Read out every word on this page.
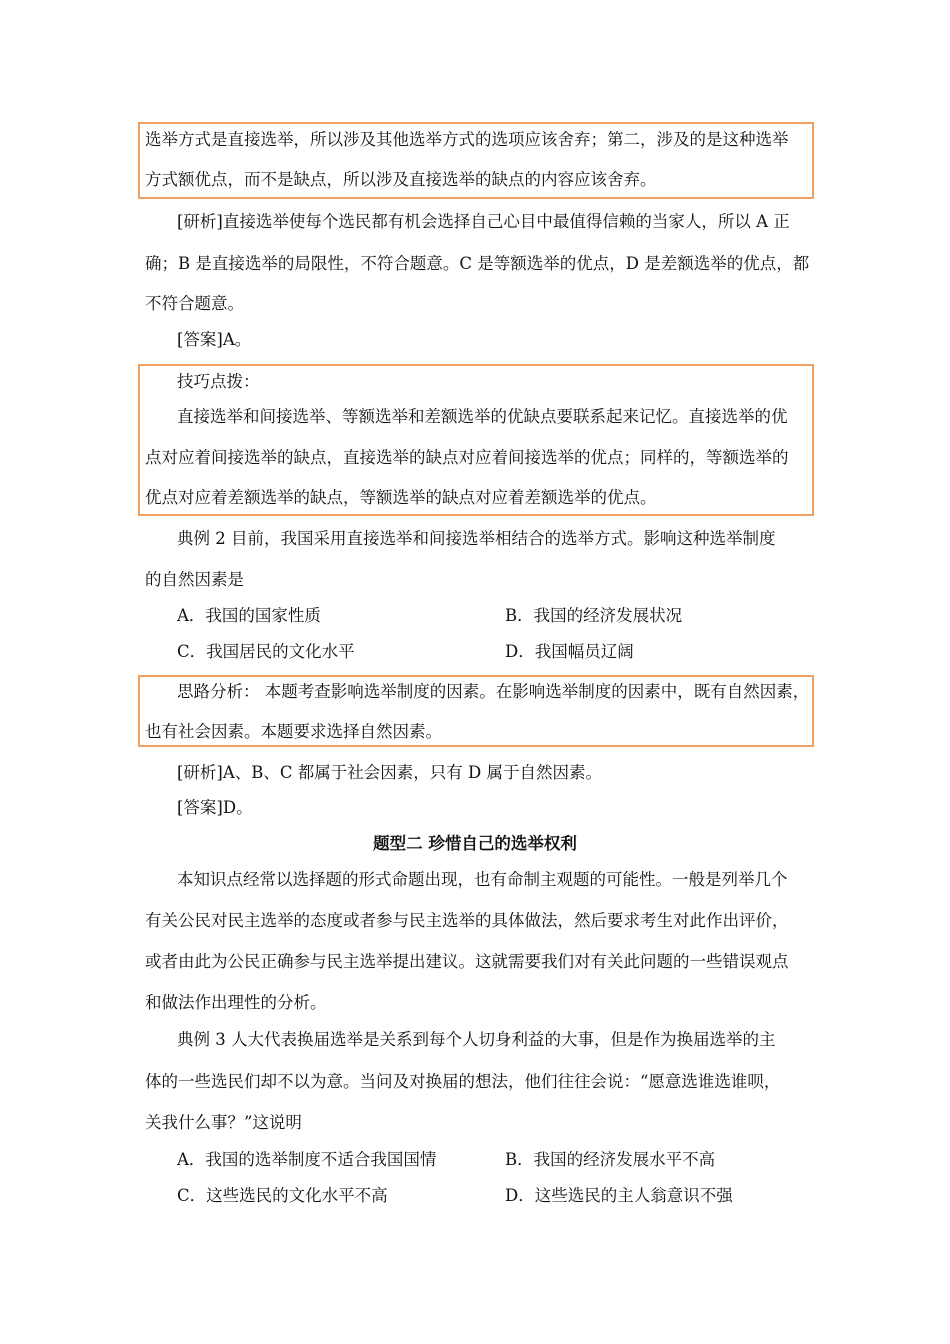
选举方式是直接选举，所以涉及其他选举方式的选项应该舍弃；第二，涉及的是这种选举
方式额优点，而不是缺点，所以涉及直接选举的缺点的内容应该舍弃。
[研析]直接选举使每个选民都有机会选择自己心目中最值得信赖的当家人，所以 A 正
确；B 是直接选举的局限性，不符合题意。C 是等额选举的优点，D 是差额选举的优点，都
不符合题意。
[答案]A。
技巧点拨：
直接选举和间接选举、等额选举和差额选举的优缺点要联系起来记忆。直接选举的优
点对应着间接选举的缺点，直接选举的缺点对应着间接选举的优点；同样的，等额选举的
优点对应着差额选举的缺点，等额选举的缺点对应着差额选举的优点。
典例 2 目前，我国采用直接选举和间接选举相结合的选举方式。影响这种选举制度
的自然因素是
A．我国的国家性质	B．我国的经济发展状况
C．我国居民的文化水平	D．我国幅员辽阔
思路分析： 本题考查影响选举制度的因素。在影响选举制度的因素中，既有自然因素，
也有社会因素。本题要求选择自然因素。
[研析]A、B、C 都属于社会因素，只有 D 属于自然因素。
[答案]D。
题型二 珍惜自己的选举权利
本知识点经常以选择题的形式命题出现，也有命制主观题的可能性。一般是列举几个
有关公民对民主选举的态度或者参与民主选举的具体做法，然后要求考生对此作出评价，
或者由此为公民正确参与民主选举提出建议。这就需要我们对有关此问题的一些错误观点
和做法作出理性的分析。
典例 3 人大代表换届选举是关系到每个人切身利益的大事，但是作为换届选举的主
体的一些选民们却不以为意。当问及对换届的想法，他们往往会说：“愿意选谁选谁呗，
关我什么事？”这说明
A．我国的选举制度不适合我国国情	B．我国的经济发展水平不高
C．这些选民的文化水平不高	D．这些选民的主人翁意识不强
